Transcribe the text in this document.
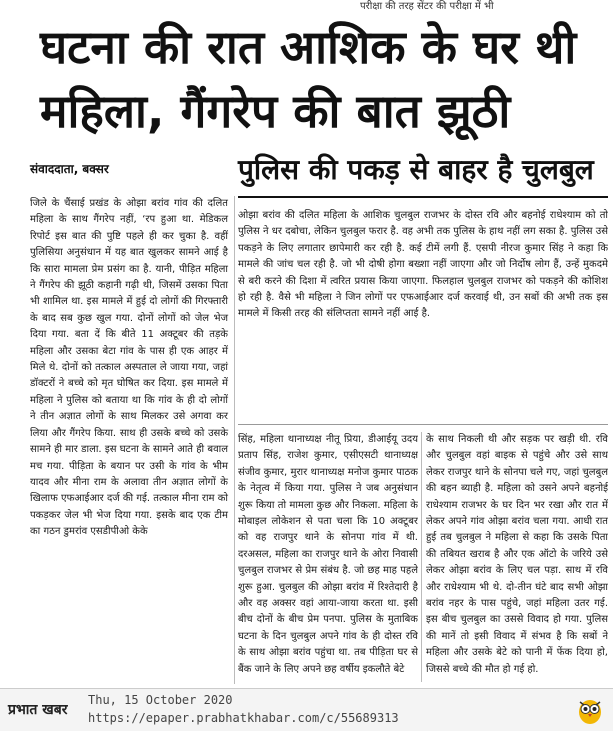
परीक्षा की तरह सेंटर की परीक्षा में भी
घटना की रात आशिक के घर थी
महिला, गैंगरेप की बात झूठी
संवाददाता, बक्सर	पुलिस की पकड़ से बाहर है चुलबुल
जिले के चैंसाई प्रखंड के ओझा बरांव गांव की दलित महिला के साथ गैंगरेप नहीं, ‘रप हुआ था. मेडिकल रिपोर्ट इस बात की पुष्टि पहले ही कर चुका है. वहीं पुलिसिया अनुसंधान में यह बात खुलकर सामने आई है कि सारा मामला प्रेम प्रसंग का है. यानी, पीड़ित महिला ने गैंगरेप की झूठी कहानी गढ़ी थी, जिसमें उसका पिता भी शामिल था. इस मामले में हुई दो लोगों की गिरफ्तारी के बाद सब कुछ खुल गया. दोनों लोगों को जेल भेज दिया गया. बता दें कि बीते 11 अक्टूबर की तड़के महिला और उसका बेटा गांव के पास ही एक आहर में मिले थे. दोनों को तत्काल अस्पताल ले जाया गया, जहां डॉक्टरों ने बच्चे को मृत घोषित कर दिया. इस मामले में महिला ने पुलिस को बताया था कि गांव के ही दो लोगों ने तीन अज्ञात लोगों के साथ मिलकर उसे अगवा कर लिया और गैंगरेप किया. साथ ही उसके बच्चे को उसके सामने ही मार डाला. इस घटना के सामने आते ही बवाल मच गया. पीड़िता के बयान पर उसी के गांव के भीम यादव और मीना राम के अलावा तीन अज्ञात लोगों के खिलाफ एफआईआर दर्ज की गई. तत्काल मीना राम को पकड़कर जेल भी भेज दिया गया. इसके बाद एक टीम का गठन डुमरांव एसडीपीओ केके
ओझा बरांव की दलित महिला के आशिक चुलबुल राजभर के दोस्त रवि और बहनोई राधेश्याम को तो पुलिस ने धर दबोचा, लेकिन चुलबुल फरार है. वह अभी तक पुलिस के हाथ नहीं लग सका है. पुलिस उसे पकड़ने के लिए लगातार छापेमारी कर रही है. कई टीमें लगी हैं. एसपी नीरज कुमार सिंह ने कहा कि मामले की जांच चल रही है. जो भी दोषी होगा बख्शा नहीं जाएगा और जो निर्दोष लोग हैं, उन्हें मुकदमे से बरी करने की दिशा में त्वरित प्रयास किया जाएगा. फिलहाल चुलबुल राजभर को पकड़ने की कोशिश हो रही है. वैसे भी महिला ने जिन लोगों पर एफआईआर दर्ज करवाई थी, उन सबों की अभी तक इस मामले में किसी तरह की संलिप्तता सामने नहीं आई है.
सिंह, महिला थानाध्यक्ष नीतू प्रिया, डीआईयू उदय प्रताप सिंह, राजेश कुमार, एसीएसटी थानाध्यक्ष संजीव कुमार, मुरार थानाध्यक्ष मनोज कुमार पाठक के नेतृत्व में किया गया. पुलिस ने जब अनुसंधान शुरू किया तो मामला कुछ और निकला. महिला के मोबाइल लोकेशन से पता चला कि 10 अक्टूबर को वह राजपुर थाने के सोनपा गांव में थी. दरअसल, महिला का राजपुर थाने के ओरा निवासी चुलबुल राजभर से प्रेम संबंध है. जो छह माह पहले शुरू हुआ. चुलबुल की ओझा बरांव में रिश्तेदारी है और वह अक्सर वहां आया-जाया करता था. इसी बीच दोनों के बीच प्रेम पनपा. पुलिस के मुताबिक घटना के दिन चुलबुल अपने गांव के ही दोस्त रवि के साथ ओझा बरांव पहुंचा था. तब पीड़िता घर से बैंक जाने के लिए अपने छह वर्षीय इकलौते बेटे
के साथ निकली थी और सड़क पर खड़ी थी. रवि और चुलबुल वहां बाइक से पहुंचे और उसे साथ लेकर राजपुर थाने के सोनपा चले गए, जहां चुलबुल की बहन ब्याही है. महिला को उसने अपने बहनोई राधेश्याम राजभर के घर दिन भर रखा और रात में लेकर अपने गांव ओझा बरांव चला गया. आधी रात हुई तब चुलबुल ने महिला से कहा कि उसके पिता की तबियत खराब है और एक ऑटो के जरिये उसे लेकर ओझा बरांव के लिए चल पड़ा. साथ में रवि और राधेश्याम भी थे. दो-तीन घंटे बाद सभी ओझा बरांव नहर के पास पहुंचे, जहां महिला उतर गई. इस बीच चुलबुल का उससे विवाद हो गया. पुलिस की मानें तो इसी विवाद में संभव है कि सबों ने महिला और उसके बेटे को पानी में फेंक दिया हो, जिससे बच्चे की मौत हो गई हो.
प्रभात खबर
Thu, 15 October 2020
https://epaper.prabhatkhabar.com/c/55689313
